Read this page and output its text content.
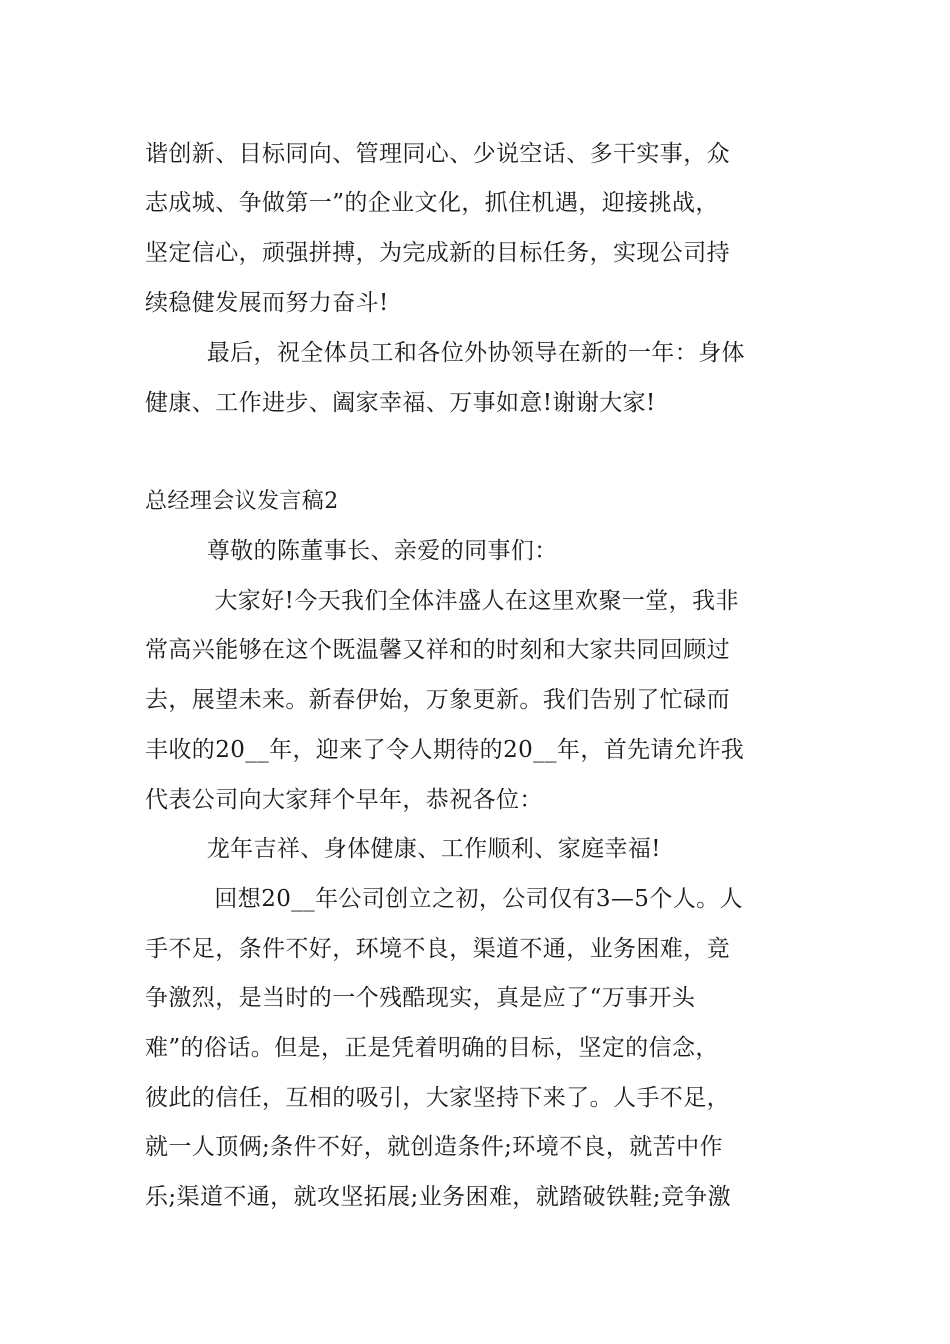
谐创新、目标同向、管理同心、少说空话、多干实事，众
志成城、争做第一”的企业文化，抓住机遇，迎接挑战，
坚定信心，顽强拼搏，为完成新的目标任务，实现公司持
续稳健发展而努力奋斗!
最后，祝全体员工和各位外协领导在新的一年：身体
健康、工作进步、阖家幸福、万事如意!谢谢大家!
总经理会议发言稿2
尊敬的陈董事长、亲爱的同事们：
大家好!今天我们全体沣盛人在这里欢聚一堂，我非
常高兴能够在这个既温馨又祥和的时刻和大家共同回顾过
去，展望未来。新春伊始，万象更新。我们告别了忙碌而
丰收的20__年，迎来了令人期待的20__年，首先请允许我
代表公司向大家拜个早年，恭祝各位：
龙年吉祥、身体健康、工作顺利、家庭幸福!
回想20__年公司创立之初，公司仅有3—5个人。人
手不足，条件不好，环境不良，渠道不通，业务困难，竞
争激烈，是当时的一个残酷现实，真是应了“万事开头
难”的俗话。但是，正是凭着明确的目标，坚定的信念，
彼此的信任，互相的吸引，大家坚持下来了。人手不足，
就一人顶俩;条件不好，就创造条件;环境不良，就苦中作
乐;渠道不通，就攻坚拓展;业务困难，就踏破铁鞋;竞争激
